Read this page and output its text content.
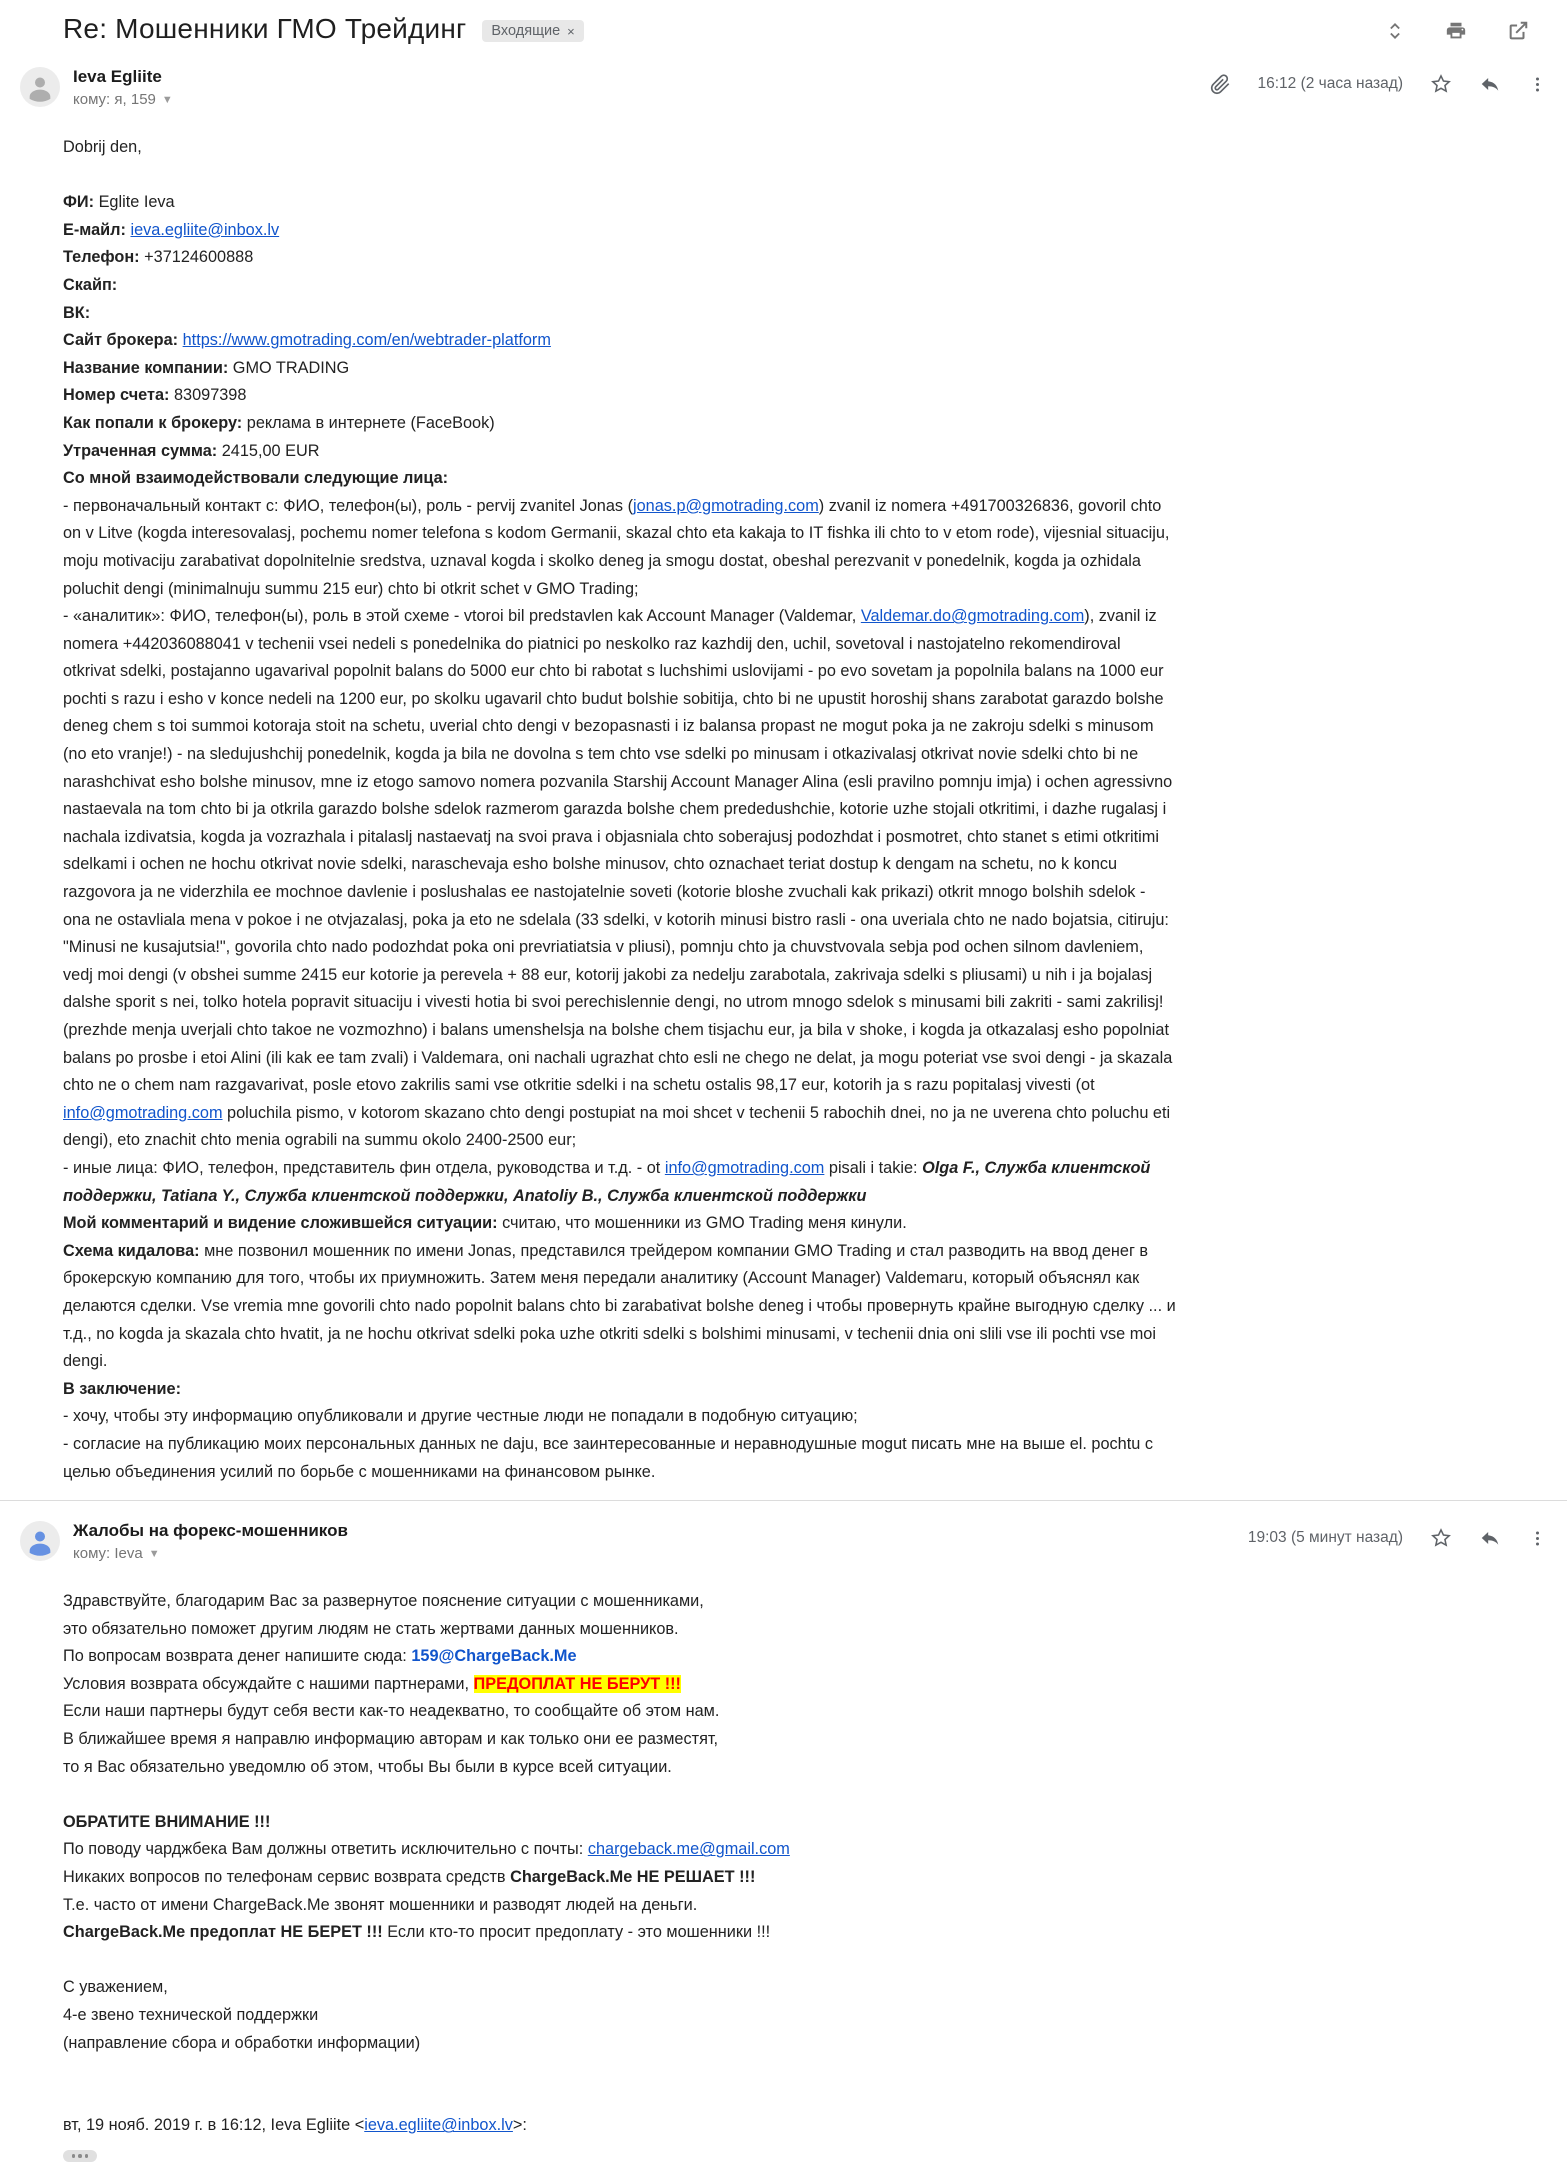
Re: Мошенники ГМО Трейдинг Входящие ×
Ieva Egliite
кому: я, 159 ▼
16:12 (2 часа назад)
Dobrij den,
ФИ: Eglite Ieva
Е-майл: ieva.egliite@inbox.lv
Телефон: +37124600888
Скайп:
ВК:
Сайт брокера: https://www.gmotrading.com/en/webtrader-platform
Название компании: GMO TRADING
Номер счета: 83097398
Как попали к брокеру: реклама в интернете (FaceBook)
Утраченная сумма: 2415,00 EUR
Со мной взаимодействовали следующие лица:
- первоначальный контакт с: ФИО, телефон(ы), роль - pervij zvanitel Jonas (jonas.p@gmotrading.com) zvanil iz nomera +491700326836, govoril chto on v Litve (kogda interesovalasj, pochemu nomer telefona s kodom Germanii, skazal chto eta kakaja to IT fishka ili chto to v etom rode), vijesnial situaciju, moju motivaciju zarabativat dopolnitelnie sredstva, uznaval kogda i skolko deneg ja smogu dostat, obeshal perezvanit v ponedelnik, kogda ja ozhidala poluchit dengi (minimalnuju summu 215 eur) chto bi otkrit schet v GMO Trading;
- «аналитик»: ФИО, телефон(ы), роль в этой схеме - vtoroi bil predstavlen kak Account Manager (Valdemar, Valdemar.do@gmotrading.com), zvanil iz nomera +442036088041 v techenii vsei nedeli s ponedelnika do piatnici po neskolko raz kazhdij den, uchil, sovetoval i nastojatelno rekomendiroval otkrivat sdelki, postajanno ugavarival popolnit balans do 5000 eur chto bi rabotat s luchshimi uslovijami - po evo sovetam ja popolnila balans na 1000 eur pochti s razu i esho v konce nedeli na 1200 eur, po skolku ugavaril chto budut bolshie sobitija, chto bi ne upustit horoshij shans zarabotat garazdo bolshe deneg chem s toi summoi kotoraja stoit na schetu, uverial chto dengi v bezopasnasti i iz balansa propast ne mogut poka ja ne zakroju sdelki s minusom (no eto vranje!) - na sledujushchij ponedelnik, kogda ja bila ne dovolna s tem chto vse sdelki po minusam i otkazivalasj otkrivat novie sdelki chto bi ne narashchivat esho bolshe minusov, mne iz etogo samovo nomera pozvanila Starshij Account Manager Alina (esli pravilno pomnju imja) i ochen agressivno nastaevala na tom chto bi ja otkrila garazdo bolshe sdelok razmerom garazda bolshe chem prededushchie, kotorie uzhe stojali otkritimi, i dazhe rugalasj i nachala izdivatsia, kogda ja vozrazhala i pitalaslj nastaevatj na svoi prava i objasniala chto soberajusj podozhdat i posmotret, chto stanet s etimi otkritimi sdelkami i ochen ne hochu otkrivat novie sdelki, naraschevaja esho bolshe minusov, chto oznachaet teriat dostup k dengam na schetu, no k koncu razgovora ja ne viderzhila ee mochnoe davlenie i poslushalas ee nastojatelnie soveti (kotorie bloshe zvuchali kak prikazi) otkrit mnogo bolshih sdelok - ona ne ostavliala mena v pokoe i ne otvjazalasj, poka ja eto ne sdelala (33 sdelki, v kotorih minusi bistro rasli - ona uveriala chto ne nado bojatsia, citiruju: "Minusi ne kusajutsia!", govorila chto nado podozhdat poka oni prevriatiatsia v pliusi), pomnju chto ja chuvstvovala sebja pod ochen silnom davleniem, vedj moi dengi (v obshei summe 2415 eur kotorie ja perevela + 88 eur, kotorij jakobi za nedelju zarabotala, zakrivaja sdelki s pliusami) u nih i ja bojalasj dalshe sporit s nei, tolko hotela popravit situaciju i vivesti hotia bi svoi perechislennie dengi, no utrom mnogo sdelok s minusami bili zakriti - sami zakrilisj! (prezhde menja uverjali chto takoe ne vozmozhno) i balans umenshelsja na bolshe chem tisjachu eur, ja bila v shoke, i kogda ja otkazalasj esho popolniat balans po prosbe i etoi Alini (ili kak ee tam zvali) i Valdemara, oni nachali ugrazhat chto esli ne chego ne delat, ja mogu poteriat vse svoi dengi - ja skazala chto ne o chem nam razgavarivat, posle etovo zakrilis sami vse otkritie sdelki i na schetu ostalis 98,17 eur, kotorih ja s razu popitalasj vivesti (ot info@gmotrading.com poluchila pismo, v kotorom skazano chto dengi postupiat na moi shcet v techenii 5 rabochih dnei, no ja ne uverena chto poluchu eti dengi), eto znachit chto menia ograbili na summu okolo 2400-2500 eur;
- иные лица: ФИО, телефон, представитель фин отдела, руководства и т.д. - ot info@gmotrading.com pisali i takie: Olga F., Служба клиентской поддержки, Tatiana Y., Служба клиентской поддержки, Anatoliy B., Служба клиентской поддержки
Мой комментарий и видение сложившейся ситуации: считаю, что мошенники из GMO Trading меня кинули.
Схема кидалова: мне позвонил мошенник по имени Jonas, представился трейдером компании GMO Trading и стал разводить на ввод денег в брокерскую компанию для того, чтобы их приумножить. Затем меня передали аналитику (Account Manager) Valdemaru, который объяснял как делаются сделки. Vse vremia mne govorili chto nado popolnit balans chto bi zarabativat bolshe deneg i чтобы провернуть крайне выгодную сделку ... и т.д., no kogda ja skazala chto hvatit, ja ne hochu otkrivat sdelki poka uzhe otkriti sdelki s bolshimi minusami, v techenii dnia oni slili vse ili pochti vse moi dengi.
В заключение:
- хочу, чтобы эту информацию опубликовали и другие честные люди не попадали в подобную ситуацию;
- согласие на публикацию моих персональных данных ne daju, все заинтересованные и неравнодушные mogut писать мне на выше el. pochtu с целью объединения усилий по борьбе с мошенниками на финансовом рынке.
Жалобы на форекс-мошенников
кому: Ieva ▼
19:03 (5 минут назад)
Здравствуйте, благодарим Вас за развернутое пояснение ситуации с мошенниками,
это обязательно поможет другим людям не стать жертвами данных мошенников.
По вопросам возврата денег напишите сюда: 159@ChargeBack.Me
Условия возврата обсуждайте с нашими партнерами, ПРЕДОПЛАТ НЕ БЕРУТ !!!
Если наши партнеры будут себя вести как-то неадекватно, то сообщайте об этом нам.
В ближайшее время я направлю информацию авторам и как только они ее разместят,
то я Вас обязательно уведомлю об этом, чтобы Вы были в курсе всей ситуации.
ОБРАТИТЕ ВНИМАНИЕ !!!
По поводу чарджбека Вам должны ответить исключительно с почты: chargeback.me@gmail.com
Никаких вопросов по телефонам сервис возврата средств ChargeBack.Me НЕ РЕШАЕТ !!!
Т.е. часто от имени ChargeBack.Me звонят мошенники и разводят людей на деньги.
ChargeBack.Me предоплат НЕ БЕРЕТ !!! Если кто-то просит предоплату - это мошенники !!!
С уважением,
4-е звено технической поддержки
(направление сбора и обработки информации)
вт, 19 нояб. 2019 г. в 16:12, Ieva Egliite <ieva.egliite@inbox.lv>:
